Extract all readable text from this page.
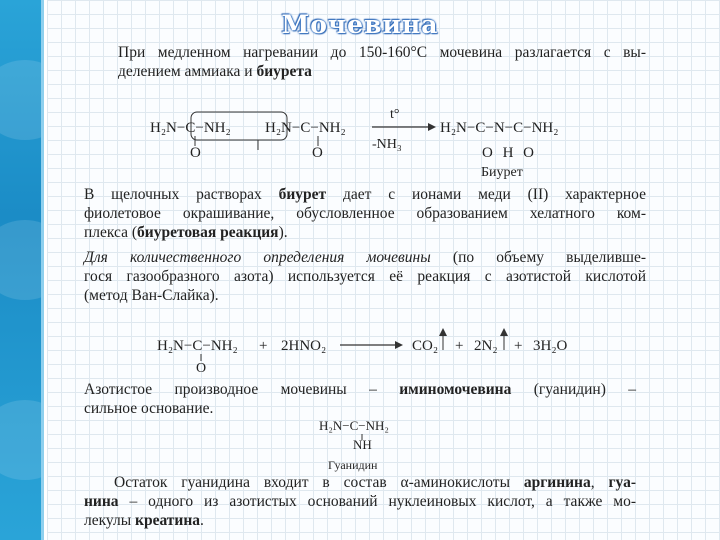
Мочевина
При медленном нагревании до 150-160°С мочевина разлагается с вы-
делением аммиака и биурета
H₂N−C−NH₂
O
H₂N−C−NH₂
O
t°
-NH₃
H₂N−C−N−C−NH₂
O H O
Биурет
H₂N−C−NH₂
O
+ 2HNO₂	CO₂ + 2N₂ + 3H₂O
H₂N−C−NH₂
NH
Гуанидин
В щелочных растворах биурет дает с ионами меди (II) характерное
фиолетовое окрашивание, обусловленное образованием хелатного ком-
плекса (биуретовая реакция).
Для количественного определения мочевины (по объему выделивше-
гося газообразного азота) используется её реакция с азотистой кислотой
(метод Ван-Слайка).
Азотистое производное мочевины – иминомочевина (гуанидин) –
сильное основание.
Остаток гуанидина входит в состав α-аминокислоты аргинина, гуа-
нина – одного из азотистых оснований нуклеиновых кислот, а также мо-
лекулы креатина.
